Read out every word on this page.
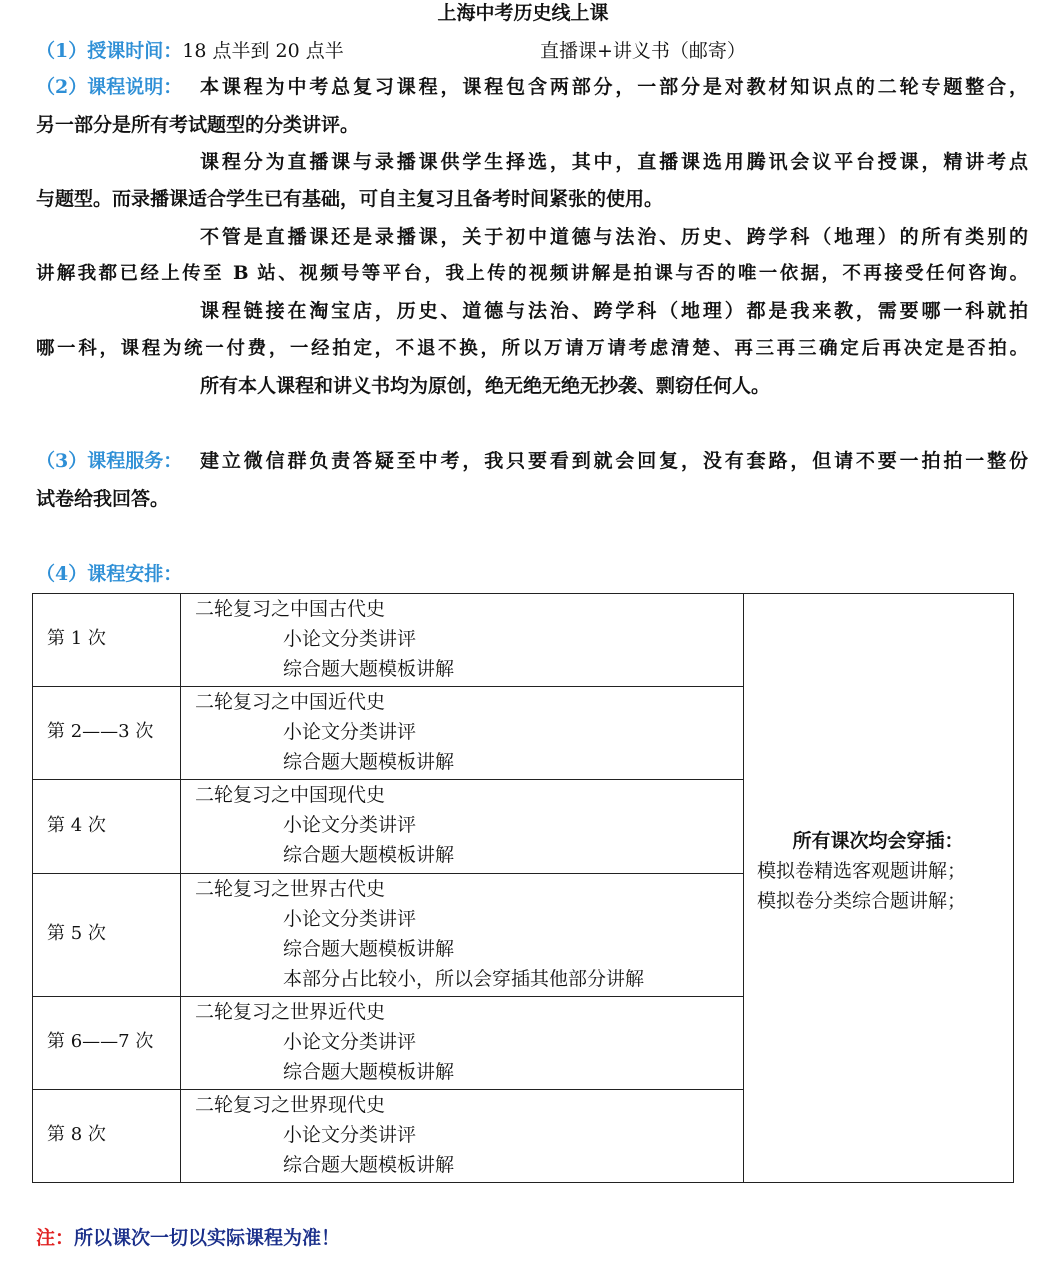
上海中考历史线上课
（1）授课时间：18 点半到 20 点半	直播课+讲义书（邮寄）
（2）课程说明： 本课程为中考总复习课程，课程包含两部分，一部分是对教材知识点的二轮专题整合，
另一部分是所有考试题型的分类讲评。
课程分为直播课与录播课供学生择选，其中，直播课选用腾讯会议平台授课，精讲考点
与题型。而录播课适合学生已有基础，可自主复习且备考时间紧张的使用。
不管是直播课还是录播课，关于初中道德与法治、历史、跨学科（地理）的所有类别的
讲解我都已经上传至 B 站、视频号等平台，我上传的视频讲解是拍课与否的唯一依据，不再接受任何咨询。
课程链接在淘宝店，历史、道德与法治、跨学科（地理）都是我来教，需要哪一科就拍
哪一科，课程为统一付费，一经拍定，不退不换，所以万请万请考虑清楚、再三再三确定后再决定是否拍。
所有本人课程和讲义书均为原创，绝无绝无绝无抄袭、剽窃任何人。
（3）课程服务： 建立微信群负责答疑至中考，我只要看到就会回复，没有套路，但请不要一拍拍一整份
试卷给我回答。
（4）课程安排：
第 1 次
二轮复习之中国古代史
小论文分类讲评
综合题大题模板讲解
第 2——3 次
二轮复习之中国近代史
小论文分类讲评
综合题大题模板讲解
第 4 次
二轮复习之中国现代史
小论文分类讲评
综合题大题模板讲解
第 5 次
二轮复习之世界古代史
小论文分类讲评
综合题大题模板讲解
本部分占比较小，所以会穿插其他部分讲解
第 6——7 次
二轮复习之世界近代史
小论文分类讲评
综合题大题模板讲解
第 8 次
二轮复习之世界现代史
小论文分类讲评
综合题大题模板讲解
所有课次均会穿插：
模拟卷精选客观题讲解；
模拟卷分类综合题讲解；
注：所以课次一切以实际课程为准！
